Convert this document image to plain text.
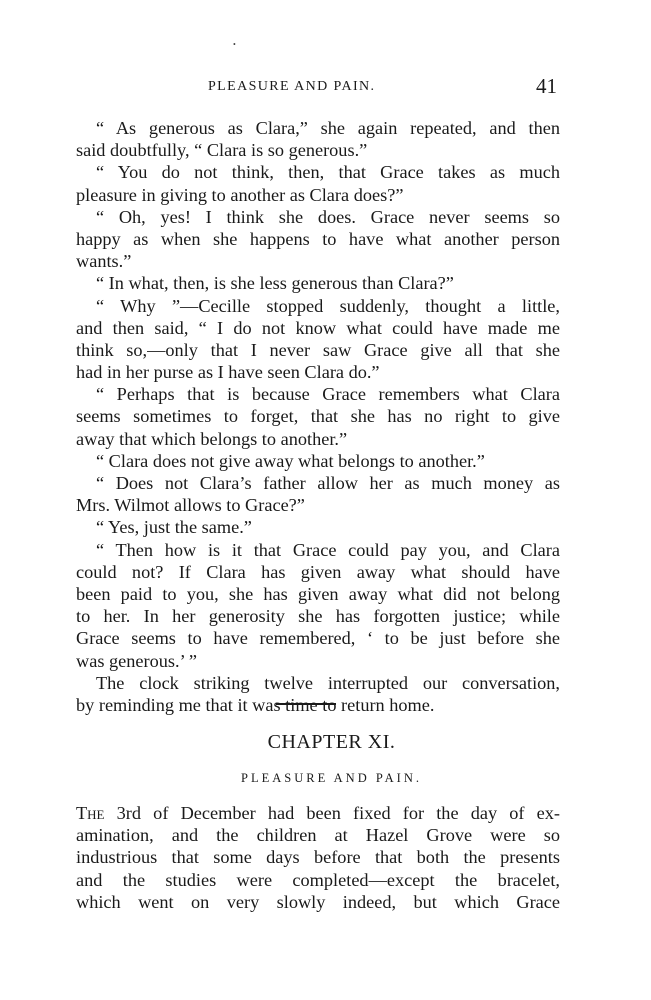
•
PLEASURE AND PAIN.	41
“ As generous as Clara,” she again repeated, and then
said doubtfully, “ Clara is so generous.”
“ You do not think, then, that Grace takes as much
pleasure in giving to another as Clara does?”
“ Oh, yes! I think she does. Grace never seems so
happy as when she happens to have what another person
wants.”
“ In what, then, is she less generous than Clara?”
“ Why ”—Cecille stopped suddenly, thought a little,
and then said, “ I do not know what could have made me
think so,—only that I never saw Grace give all that she
had in her purse as I have seen Clara do.”
“ Perhaps that is because Grace remembers what Clara
seems sometimes to forget, that she has no right to give
away that which belongs to another.”
“ Clara does not give away what belongs to another.”
“ Does not Clara’s father allow her as much money as
Mrs. Wilmot allows to Grace?”
“ Yes, just the same.”
“ Then how is it that Grace could pay you, and Clara
could not? If Clara has given away what should have
been paid to you, she has given away what did not belong
to her. In her generosity she has forgotten justice; while
Grace seems to have remembered, ‘ to be just before she
was generous.’ ”
The clock striking twelve interrupted our conversation,
by reminding me that it was time to return home.
CHAPTER XI.
PLEASURE AND PAIN.
The 3rd of December had been fixed for the day of ex-
amination, and the children at Hazel Grove were so
industrious that some days before that both the presents
and the studies were completed—except the bracelet,
which went on very slowly indeed, but which Grace
